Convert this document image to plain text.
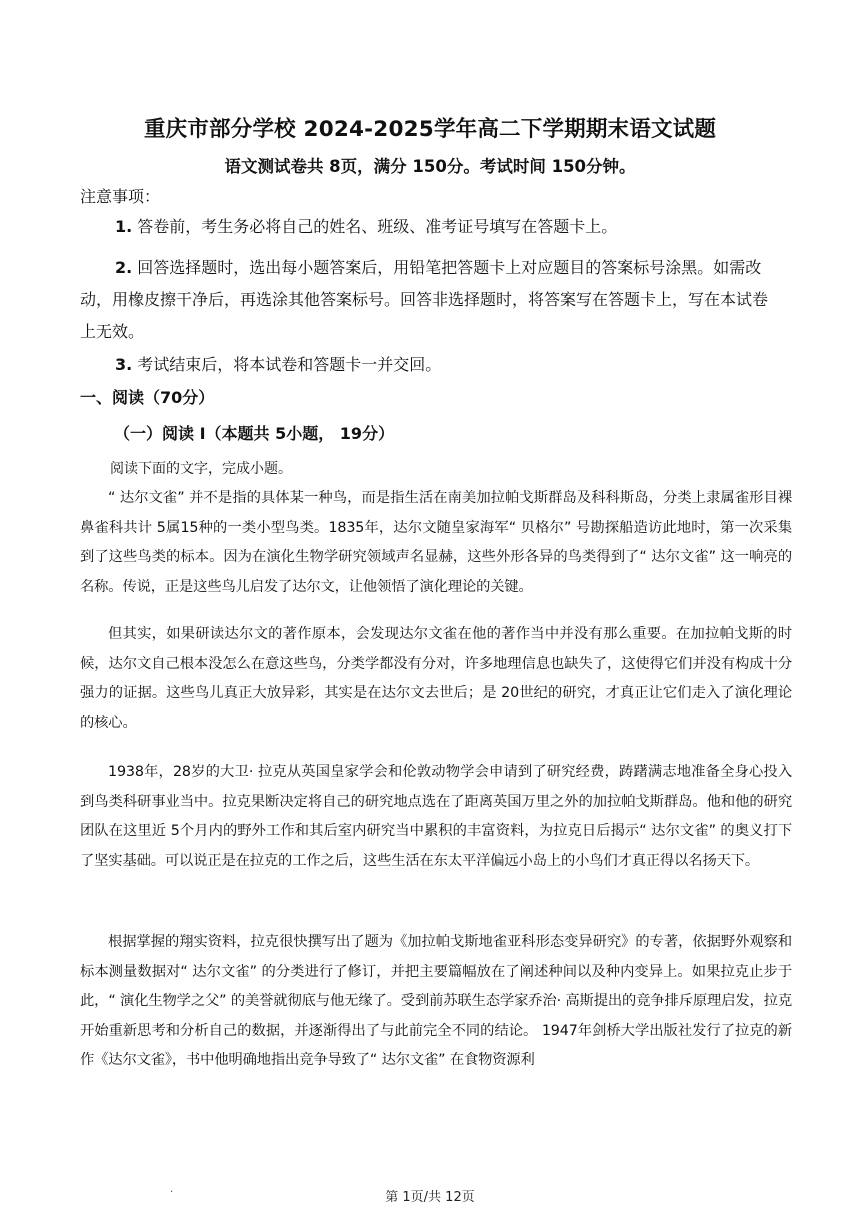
重庆市部分学校 2024-2025学年高二下学期期末语文试题
语文测试卷共 8页，满分 150分。考试时间 150分钟。
注意事项：
1. 答卷前，考生务必将自己的姓名、班级、准考证号填写在答题卡上。
2. 回答选择题时，选出每小题答案后，用铅笔把答题卡上对应题目的答案标号涂黑。如需改动，用橡皮擦干净后，再选涂其他答案标号。回答非选择题时，将答案写在答题卡上，写在本试卷上无效。
3. 考试结束后，将本试卷和答题卡一并交回。
一、阅读（70分）
（一）阅读 I（本题共 5小题， 19分）
阅读下面的文字，完成小题。
“ 达尔文雀” 并不是指的具体某一种鸟，而是指生活在南美加拉帕戈斯群岛及科科斯岛，分类上隶属雀形目裸鼻雀科共计 5属15种的一类小型鸟类。1835年，达尔文随皇家海军“ 贝格尔” 号勘探船造访此地时，第一次采集到了这些鸟类的标本。因为在演化生物学研究领域声名显赫，这些外形各异的鸟类得到了“ 达尔文雀” 这一响亮的名称。传说，正是这些鸟儿启发了达尔文，让他领悟了演化理论的关键。
但其实，如果研读达尔文的著作原本，会发现达尔文雀在他的著作当中并没有那么重要。在加拉帕戈斯的时候，达尔文自己根本没怎么在意这些鸟，分类学都没有分对，许多地理信息也缺失了，这使得它们并没有构成十分强力的证据。这些鸟儿真正大放异彩，其实是在达尔文去世后；是 20世纪的研究，才真正让它们走入了演化理论的核心。
1938年，28岁的大卫· 拉克从英国皇家学会和伦敦动物学会申请到了研究经费，踌躇满志地准备全身心投入到鸟类科研事业当中。拉克果断决定将自己的研究地点选在了距离英国万里之外的加拉帕戈斯群岛。他和他的研究团队在这里近 5个月内的野外工作和其后室内研究当中累积的丰富资料，为拉克日后揭示“ 达尔文雀” 的奥义打下了坚实基础。可以说正是在拉克的工作之后，这些生活在东太平洋偏远小岛上的小鸟们才真正得以名扬天下。
根据掌握的翔实资料，拉克很快撰写出了题为《加拉帕戈斯地雀亚科形态变异研究》的专著，依据野外观察和标本测量数据对“ 达尔文雀” 的分类进行了修订，并把主要篇幅放在了阐述种间以及种内变异上。如果拉克止步于此，“ 演化生物学之父” 的美誉就彻底与他无缘了。受到前苏联生态学家乔治· 高斯提出的竞争排斥原理启发，拉克开始重新思考和分析自己的数据，并逐渐得出了与此前完全不同的结论。 1947年剑桥大学出版社发行了拉克的新作《达尔文雀》，书中他明确地指出竞争导致了“ 达尔文雀” 在食物资源利
.
第 1页/共 12页
